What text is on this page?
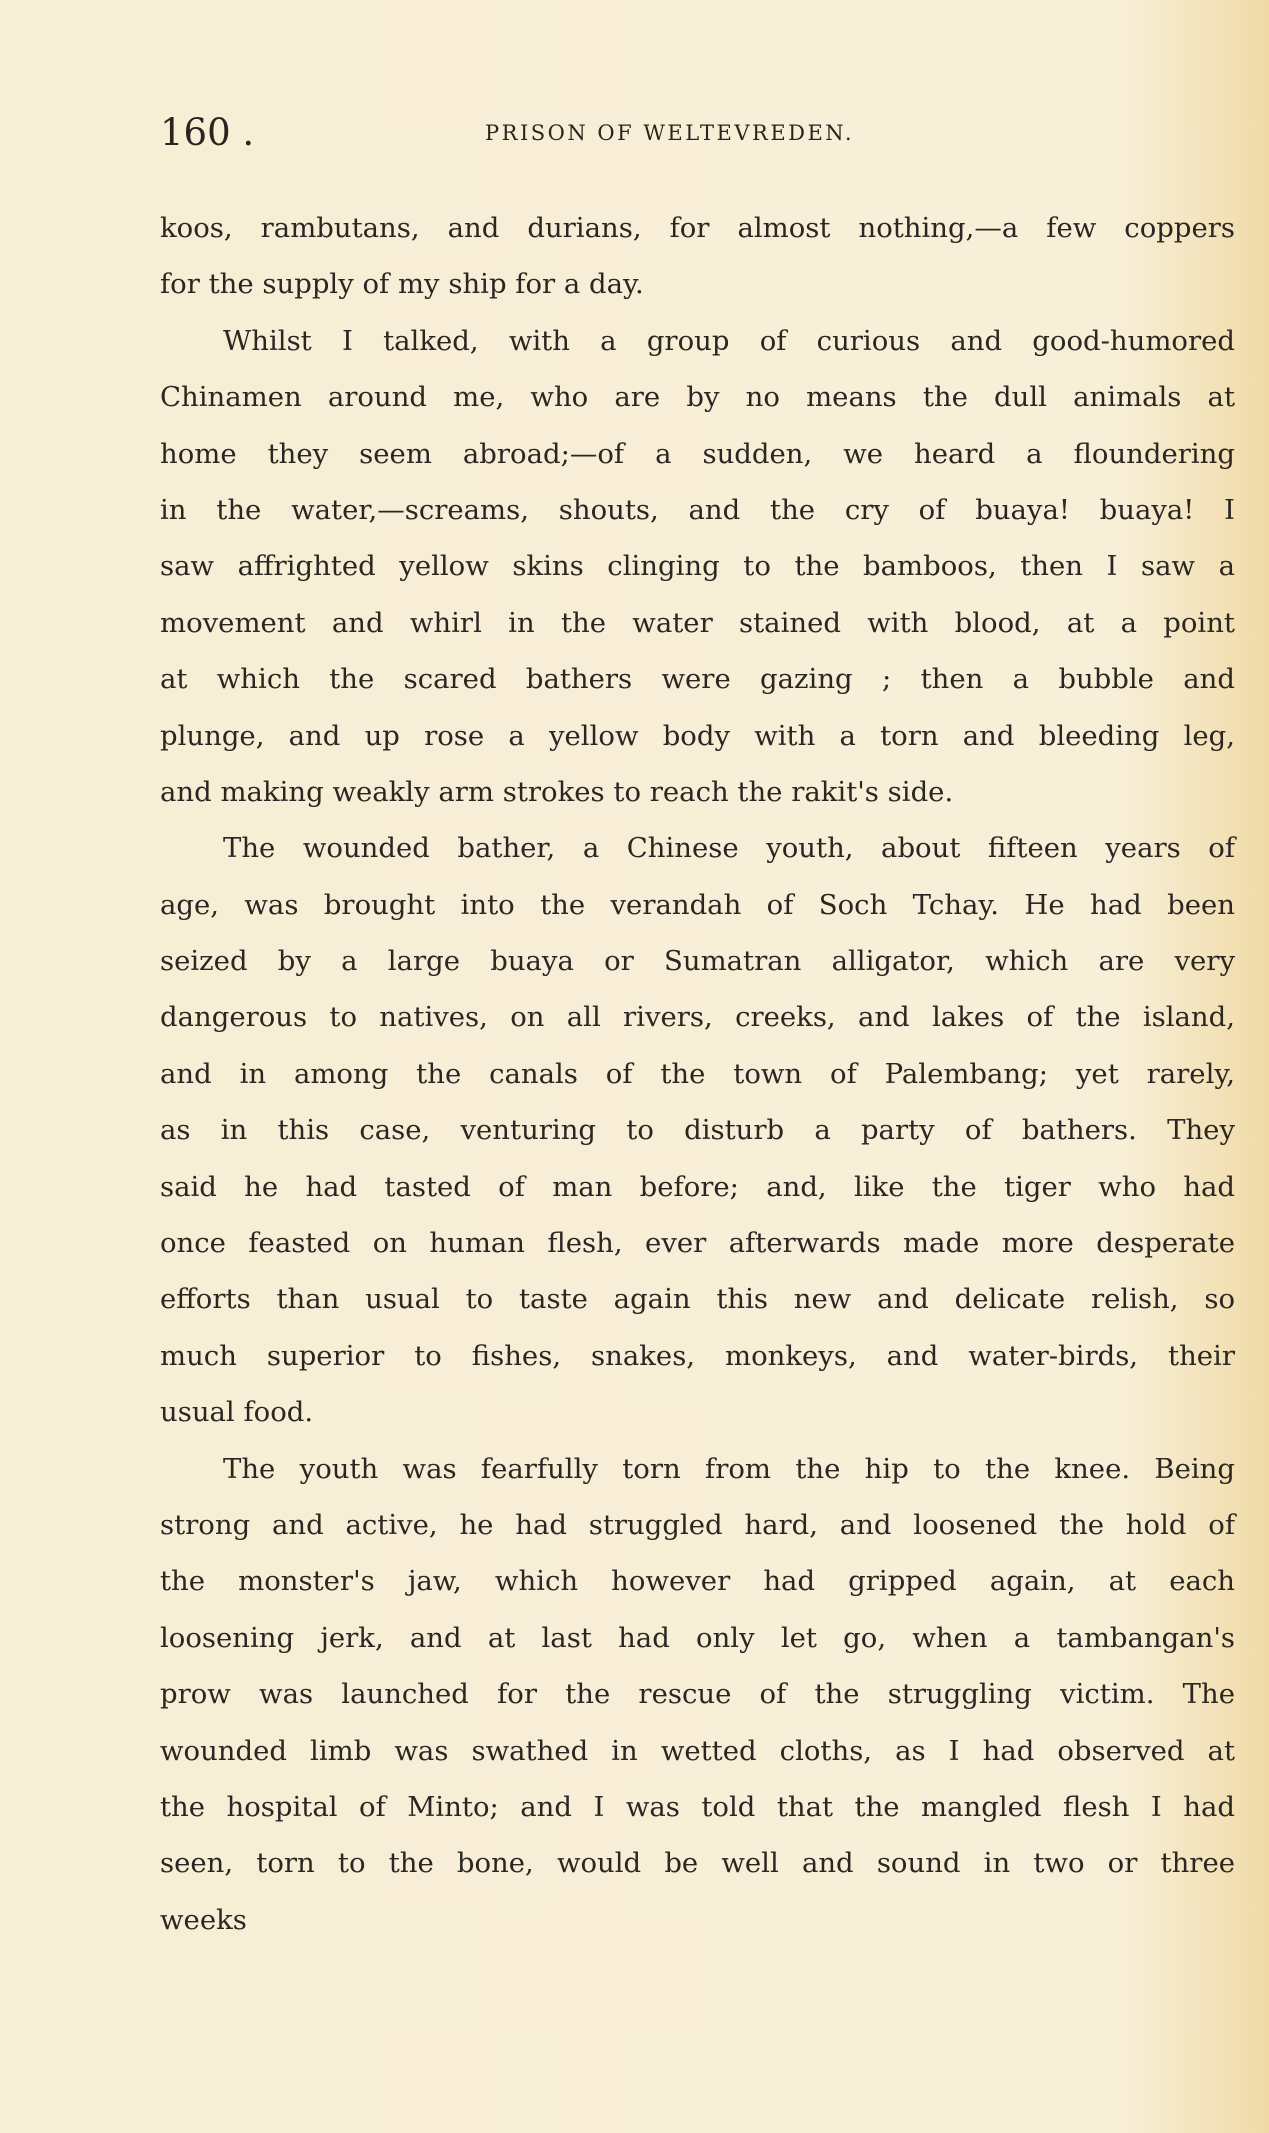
160 .	PRISON OF WELTEVREDEN.
koos, rambutans, and durians, for almost nothing,—a few coppers
for the supply of my ship for a day.
Whilst I talked, with a group of curious and good-humored
Chinamen around me, who are by no means the dull animals at
home they seem abroad;—of a sudden, we heard a floundering
in the water,—screams, shouts, and the cry of buaya! buaya! I
saw affrighted yellow skins clinging to the bamboos, then I saw a
movement and whirl in the water stained with blood, at a point
at which the scared bathers were gazing ; then a bubble and
plunge, and up rose a yellow body with a torn and bleeding leg,
and making weakly arm strokes to reach the rakit's side.
The wounded bather, a Chinese youth, about fifteen years of
age, was brought into the verandah of Soch Tchay. He had been
seized by a large buaya or Sumatran alligator, which are very
dangerous to natives, on all rivers, creeks, and lakes of the island,
and in among the canals of the town of Palembang; yet rarely,
as in this case, venturing to disturb a party of bathers. They
said he had tasted of man before; and, like the tiger who had
once feasted on human flesh, ever afterwards made more desperate
efforts than usual to taste again this new and delicate relish, so
much superior to fishes, snakes, monkeys, and water-birds, their
usual food.
The youth was fearfully torn from the hip to the knee. Being
strong and active, he had struggled hard, and loosened the hold of
the monster's jaw, which however had gripped again, at each
loosening jerk, and at last had only let go, when a tambangan's
prow was launched for the rescue of the struggling victim. The
wounded limb was swathed in wetted cloths, as I had observed at
the hospital of Minto; and I was told that the mangled flesh I had
seen, torn to the bone, would be well and sound in two or three
weeks
